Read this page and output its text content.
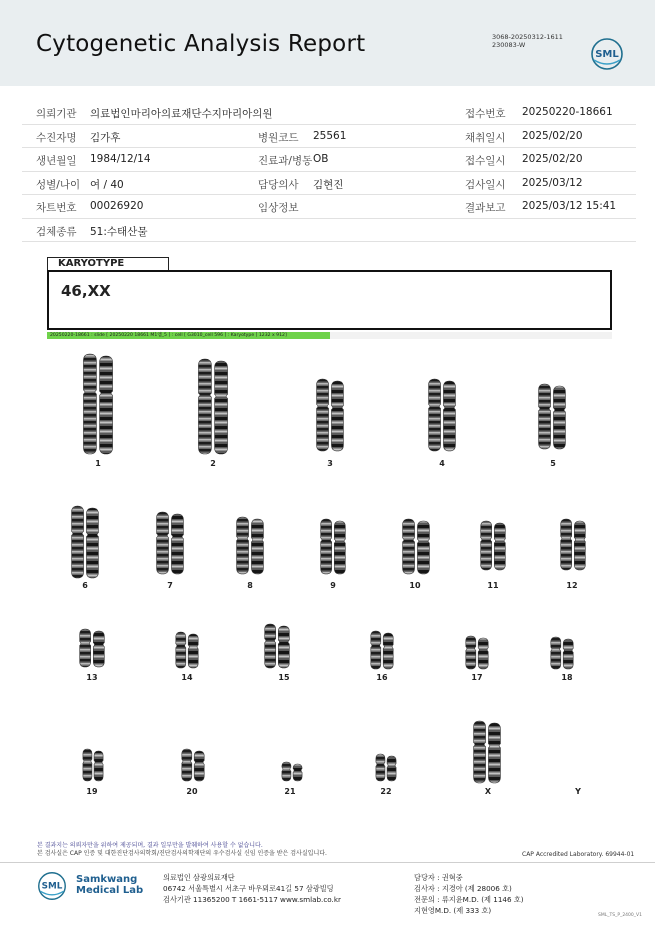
Cytogenetic Analysis Report	3068-20250312-1611
230083-W
SML
의뢰기관 의료법인마리아의료재단수지마리아의원	접수번호 20250220-18661
수진자명 김가후	병원코드 25561	채취일시 2025/02/20
생년월일 1984/12/14	진료과/병동 OB	접수일시 2025/02/20
성별/나이 여 / 40	담당의사 김현진	검사일시 2025/03/12
차트번호 00026920	임상정보	결과보고 2025/03/12 15:41
검체종류 51:수태산물
KARYOTYPE
46,XX
20250220-18661 : slide [ 20250220 18661 M1앰_5 ] : cell [ G3010_cell 596 ] : Karyotype [ 1232 x 912]
1	2	3	4	5
6	7	8	9	10	11	12
13	14	15	16	17	18
19	20	21	22	X	Y
본 결과지는 의뢰자만을 위하여 제공되며, 결과 일부만을 발췌하여 사용할 수 없습니다.
본 검사실은 CAP 인증 및 대한진단검사의학회/진단검사의학재단의 우수검사실 신임 인증을 받은 검사실입니다.	CAP Accredited Laboratory. 69944-01
SML
Samkwang
Medical Lab
의료법인 삼광의료재단
06742 서울특별시 서초구 바우뫼로41길 57 삼광빌딩
검사기관 11365200 T 1661-5117 www.smlab.co.kr
담당자 : 권혁중
검사자 : 지경아 (제 28006 호)
전문의 : 류지윤M.D. (제 1146 호)
지현영M.D. (제 333 호)
SML_TS_P_2400_V1
